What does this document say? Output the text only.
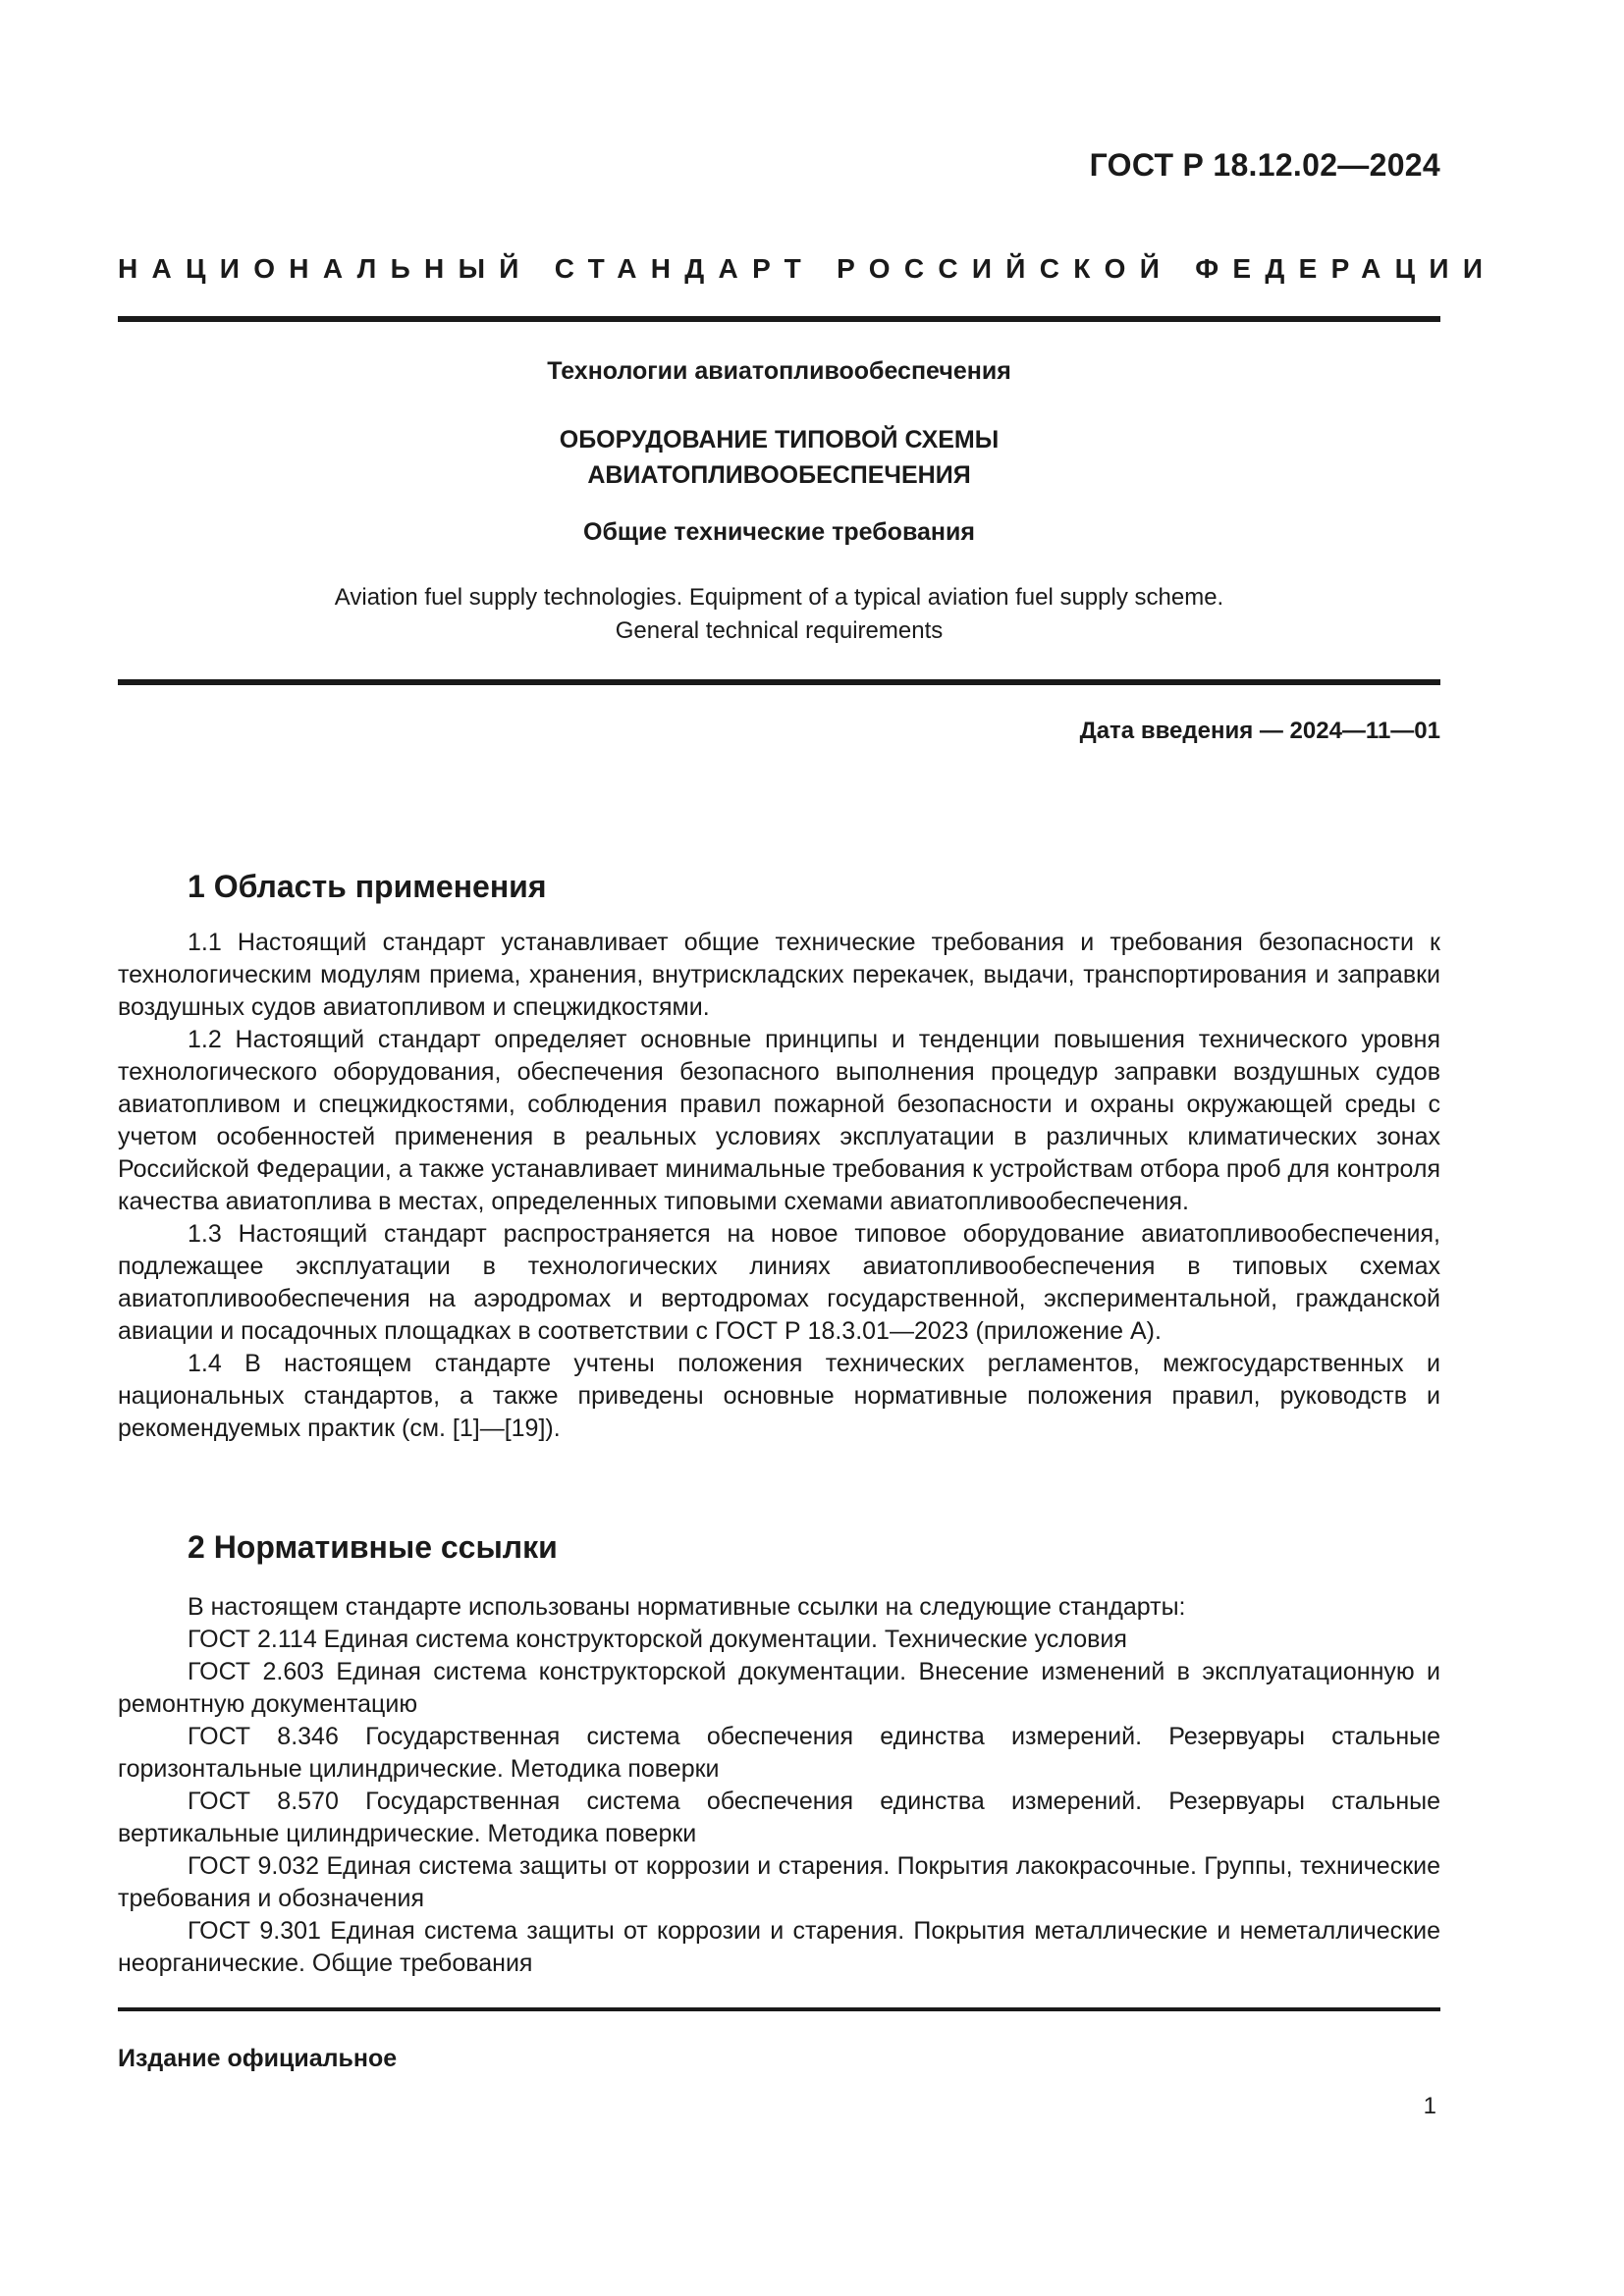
ГОСТ Р 18.12.02—2024
НАЦИОНАЛЬНЫЙ СТАНДАРТ РОССИЙСКОЙ ФЕДЕРАЦИИ
Технологии авиатопливообеспечения
ОБОРУДОВАНИЕ ТИПОВОЙ СХЕМЫ
АВИАТОПЛИВООБЕСПЕЧЕНИЯ
Общие технические требования
Aviation fuel supply technologies. Equipment of a typical aviation fuel supply scheme.
General technical requirements
Дата введения — 2024—11—01
1 Область применения

1.1 Настоящий стандарт устанавливает общие технические требования и требования безопасности к технологическим модулям приема, хранения, внутрискладских перекачек, выдачи, транспортирования и заправки воздушных судов авиатопливом и спецжидкостями.

1.2 Настоящий стандарт определяет основные принципы и тенденции повышения технического уровня технологического оборудования, обеспечения безопасного выполнения процедур заправки воздушных судов авиатопливом и спецжидкостями, соблюдения правил пожарной безопасности и охраны окружающей среды с учетом особенностей применения в реальных условиях эксплуатации в различных климатических зонах Российской Федерации, а также устанавливает минимальные требования к устройствам отбора проб для контроля качества авиатоплива в местах, определенных типовыми схемами авиатопливообеспечения.

1.3 Настоящий стандарт распространяется на новое типовое оборудование авиатопливообеспечения, подлежащее эксплуатации в технологических линиях авиатопливообеспечения в типовых схемах авиатопливообеспечения на аэродромах и вертодромах государственной, экспериментальной, гражданской авиации и посадочных площадках в соответствии с ГОСТ Р 18.3.01—2023 (приложение А).

1.4 В настоящем стандарте учтены положения технических регламентов, межгосударственных и национальных стандартов, а также приведены основные нормативные положения правил, руководств и рекомендуемых практик (см. [1]—[19]).

2 Нормативные ссылки

В настоящем стандарте использованы нормативные ссылки на следующие стандарты:

ГОСТ 2.114 Единая система конструкторской документации. Технические условия

ГОСТ 2.603 Единая система конструкторской документации. Внесение изменений в эксплуатационную и ремонтную документацию

ГОСТ 8.346 Государственная система обеспечения единства измерений. Резервуары стальные горизонтальные цилиндрические. Методика поверки

ГОСТ 8.570 Государственная система обеспечения единства измерений. Резервуары стальные вертикальные цилиндрические. Методика поверки

ГОСТ 9.032 Единая система защиты от коррозии и старения. Покрытия лакокрасочные. Группы, технические требования и обозначения

ГОСТ 9.301 Единая система защиты от коррозии и старения. Покрытия металлические и неметаллические неорганические. Общие требования

Издание официальное
1
